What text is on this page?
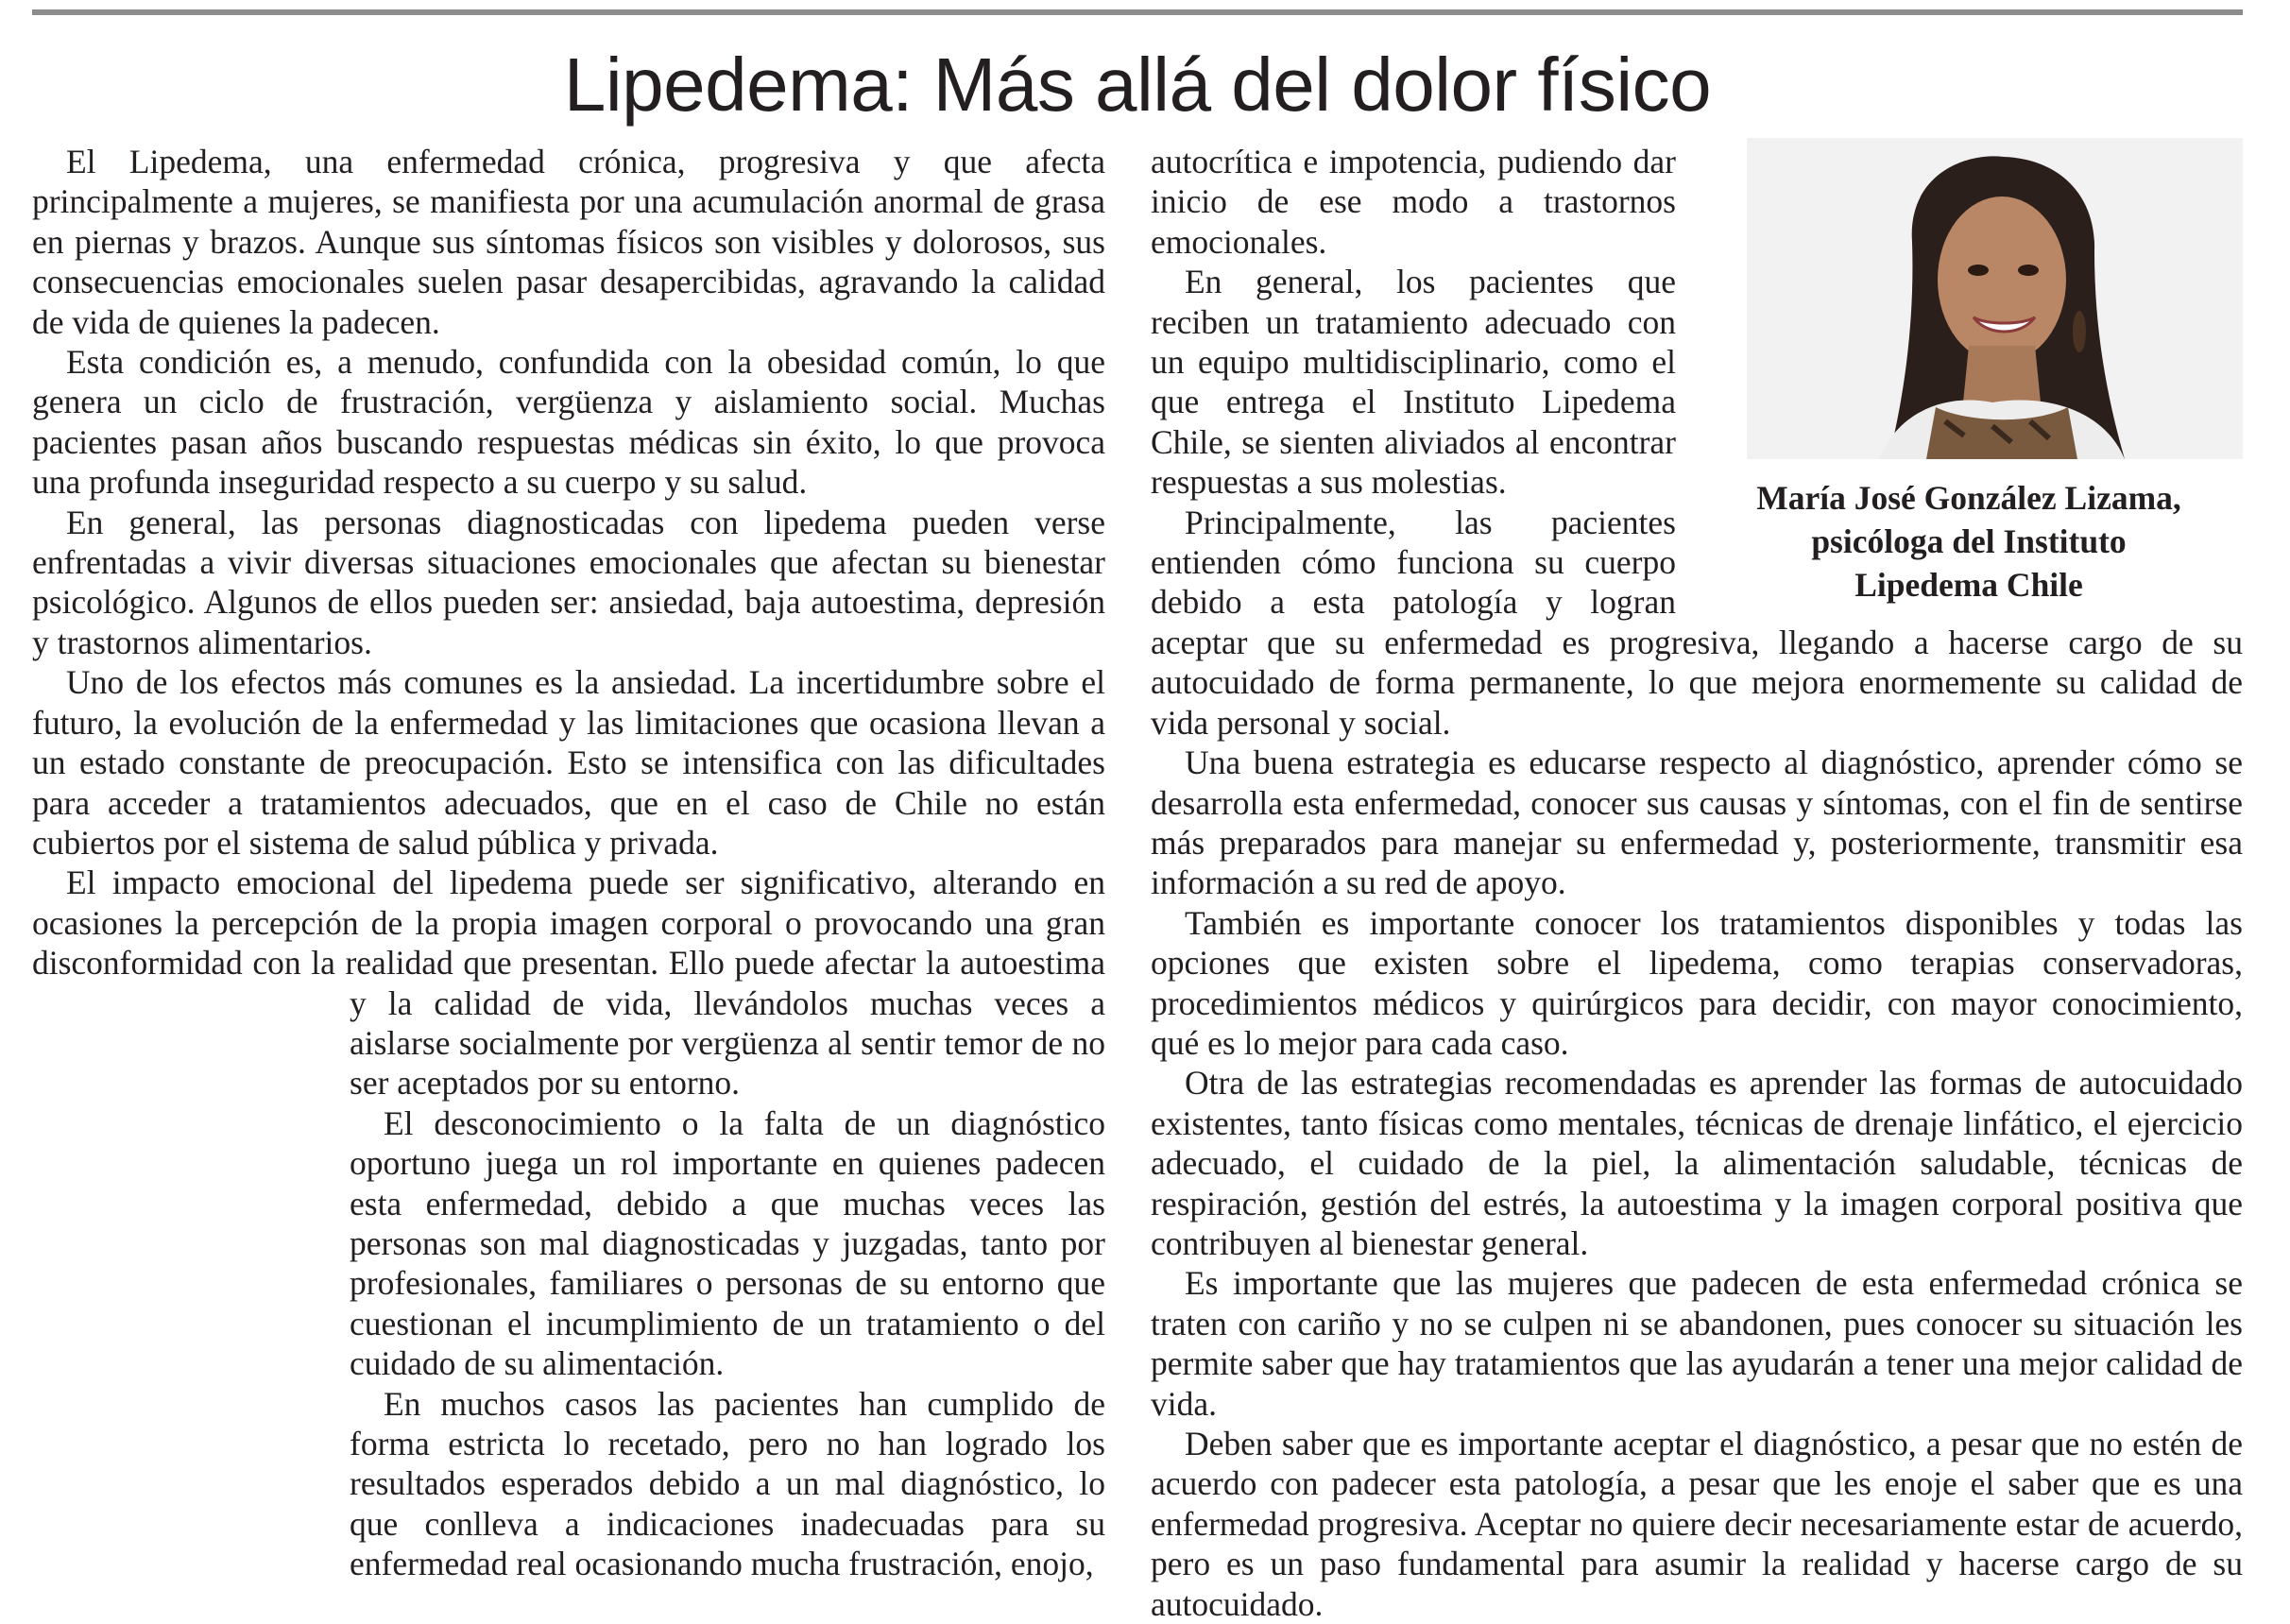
Lipedema: Más allá del dolor físico

El Lipedema, una enfermedad crónica, progresiva y que afecta principalmente a mujeres, se manifiesta por una acumulación anormal de grasa en piernas y brazos. Aunque sus síntomas físicos son visibles y dolorosos, sus consecuencias emocionales suelen pasar desapercibidas, agravando la calidad de vida de quienes la padecen.

Esta condición es, a menudo, confundida con la obesidad común, lo que genera un ciclo de frustración, vergüenza y aislamiento social. Muchas pacientes pasan años buscando respuestas médicas sin éxito, lo que provoca una profunda inseguridad respecto a su cuerpo y su salud.

En general, las personas diagnosticadas con lipedema pueden verse enfrentadas a vivir diversas situaciones emocionales que afectan su bienestar psicológico. Algunos de ellos pueden ser: ansiedad, baja autoestima, depresión y trastornos alimentarios.

Uno de los efectos más comunes es la ansiedad. La incertidumbre sobre el futuro, la evolución de la enfermedad y las limitaciones que ocasiona llevan a un estado constante de preocupación. Esto se intensifica con las dificultades para acceder a tratamientos adecuados, que en el caso de Chile no están cubiertos por el sistema de salud pública y privada.

El impacto emocional del lipedema puede ser significativo, alterando en ocasiones la percepción de la propia imagen corporal o provocando una gran disconformidad con la realidad que presentan. Ello puede afectar la autoestima y la calidad de vida, llevándolos muchas veces a aislarse socialmente por vergüenza al sentir temor de no ser aceptados por su entorno.

El desconocimiento o la falta de un diagnóstico oportuno juega un rol importante en quienes padecen esta enfermedad, debido a que muchas veces las personas son mal diagnosticadas y juzgadas, tanto por profesionales, familiares o personas de su entorno que cuestionan el incumplimiento de un tratamiento o del cuidado de su alimentación.

En muchos casos las pacientes han cumplido de forma estricta lo recetado, pero no han logrado los resultados esperados debido a un mal diagnóstico, lo que conlleva a indicaciones inadecuadas para su enfermedad real ocasionando mucha frustración, enojo,

María José González Lizama,
psicóloga del Instituto
Lipedema Chile

autocrítica e impotencia, pudiendo dar inicio de ese modo a trastornos emocionales.

En general, los pacientes que reciben un tratamiento adecuado con un equipo multidisciplinario, como el que entrega el Instituto Lipedema Chile, se sienten aliviados al encontrar respuestas a sus molestias.

Principalmente, las pacientes entienden cómo funciona su cuerpo debido a esta patología y logran aceptar que su enfermedad es progresiva, llegando a hacerse cargo de su autocuidado de forma permanente, lo que mejora enormemente su calidad de vida personal y social.

Una buena estrategia es educarse respecto al diagnóstico, aprender cómo se desarrolla esta enfermedad, conocer sus causas y síntomas, con el fin de sentirse más preparados para manejar su enfermedad y, posteriormente, transmitir esa información a su red de apoyo.

También es importante conocer los tratamientos disponibles y todas las opciones que existen sobre el lipedema, como terapias conservadoras, procedimientos médicos y quirúrgicos para decidir, con mayor conocimiento, qué es lo mejor para cada caso.

Otra de las estrategias recomendadas es aprender las formas de autocuidado existentes, tanto físicas como mentales, técnicas de drenaje linfático, el ejercicio adecuado, el cuidado de la piel, la alimentación saludable, técnicas de respiración, gestión del estrés, la autoestima y la imagen corporal positiva que contribuyen al bienestar general.

Es importante que las mujeres que padecen de esta enfermedad crónica se traten con cariño y no se culpen ni se abandonen, pues conocer su situación les permite saber que hay tratamientos que las ayudarán a tener una mejor calidad de vida.

Deben saber que es importante aceptar el diagnóstico, a pesar que no estén de acuerdo con padecer esta patología, a pesar que les enoje el saber que es una enfermedad progresiva. Aceptar no quiere decir necesariamente estar de acuerdo, pero es un paso fundamental para asumir la realidad y hacerse cargo de su autocuidado.
